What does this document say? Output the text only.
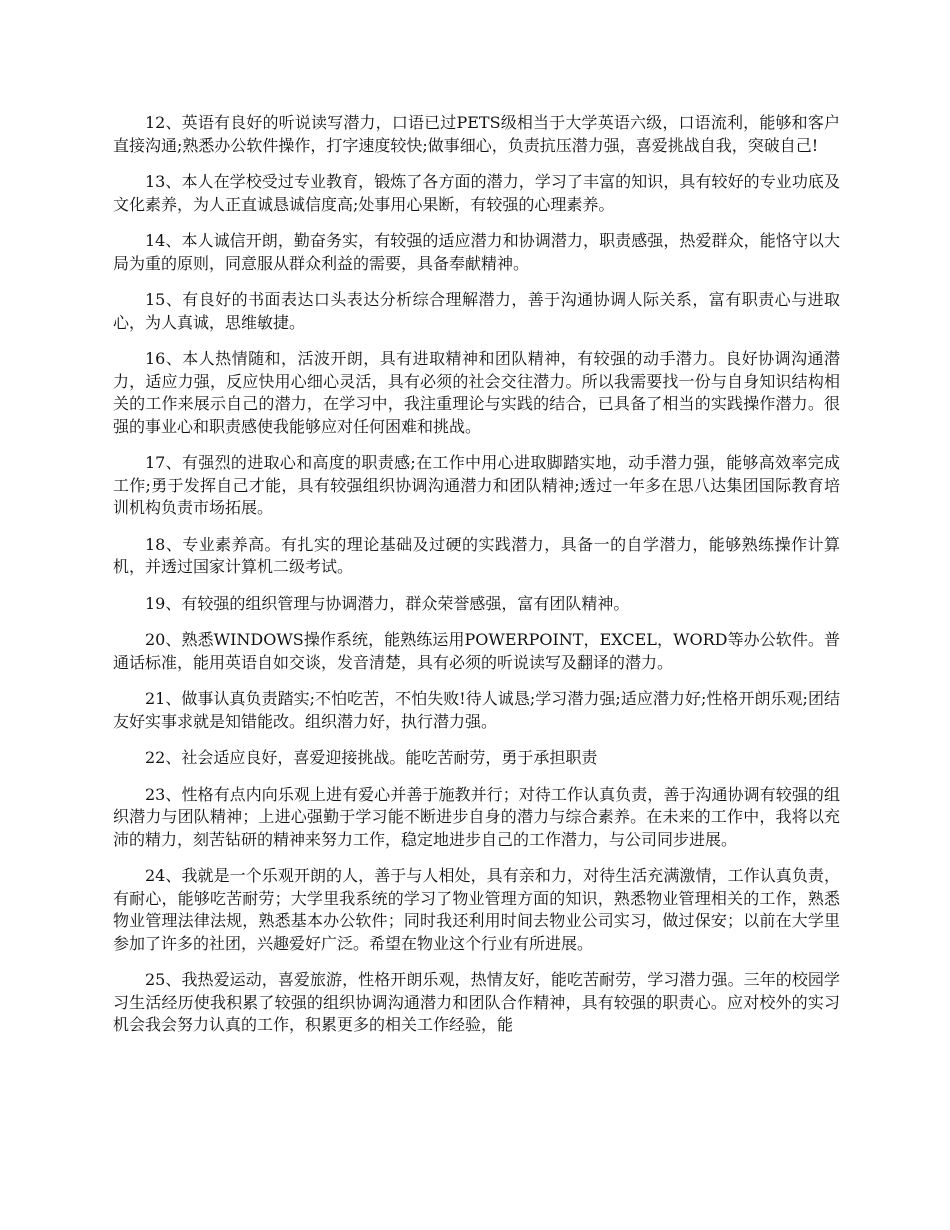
12、英语有良好的听说读写潜力，口语已过PETS级相当于大学英语六级，口语流利，能够和客户直接沟通;熟悉办公软件操作，打字速度较快;做事细心，负责抗压潜力强，喜爱挑战自我，突破自己!

13、本人在学校受过专业教育，锻炼了各方面的潜力，学习了丰富的知识，具有较好的专业功底及文化素养，为人正直诚恳诚信度高;处事用心果断，有较强的心理素养。

14、本人诚信开朗，勤奋务实，有较强的适应潜力和协调潜力，职责感强，热爱群众，能恪守以大局为重的原则，同意服从群众利益的需要，具备奉献精神。

15、有良好的书面表达口头表达分析综合理解潜力，善于沟通协调人际关系，富有职责心与进取心，为人真诚，思维敏捷。

16、本人热情随和，活波开朗，具有进取精神和团队精神，有较强的动手潜力。良好协调沟通潜力，适应力强，反应快用心细心灵活，具有必须的社会交往潜力。所以我需要找一份与自身知识结构相关的工作来展示自己的潜力，在学习中，我注重理论与实践的结合，已具备了相当的实践操作潜力。很强的事业心和职责感使我能够应对任何困难和挑战。

17、有强烈的进取心和高度的职责感;在工作中用心进取脚踏实地，动手潜力强，能够高效率完成工作;勇于发挥自己才能，具有较强组织协调沟通潜力和团队精神;透过一年多在思八达集团国际教育培训机构负责市场拓展。

18、专业素养高。有扎实的理论基础及过硬的实践潜力，具备一的自学潜力，能够熟练操作计算机，并透过国家计算机二级考试。

19、有较强的组织管理与协调潜力，群众荣誉感强，富有团队精神。

20、熟悉WINDOWS操作系统，能熟练运用POWERPOINT，EXCEL，WORD等办公软件。普通话标准，能用英语自如交谈，发音清楚，具有必须的听说读写及翻译的潜力。

21、做事认真负责踏实;不怕吃苦，不怕失败!待人诚恳;学习潜力强;适应潜力好;性格开朗乐观;团结友好实事求就是知错能改。组织潜力好，执行潜力强。

22、社会适应良好，喜爱迎接挑战。能吃苦耐劳，勇于承担职责

23、性格有点内向乐观上进有爱心并善于施教并行；对待工作认真负责，善于沟通协调有较强的组织潜力与团队精神；上进心强勤于学习能不断进步自身的潜力与综合素养。在未来的工作中，我将以充沛的精力，刻苦钻研的精神来努力工作，稳定地进步自己的工作潜力，与公司同步进展。

24、我就是一个乐观开朗的人，善于与人相处，具有亲和力，对待生活充满激情，工作认真负责，有耐心，能够吃苦耐劳；大学里我系统的学习了物业管理方面的知识，熟悉物业管理相关的工作，熟悉物业管理法律法规，熟悉基本办公软件；同时我还利用时间去物业公司实习，做过保安；以前在大学里参加了许多的社团，兴趣爱好广泛。希望在物业这个行业有所进展。

25、我热爱运动，喜爱旅游，性格开朗乐观，热情友好，能吃苦耐劳，学习潜力强。三年的校园学习生活经历使我积累了较强的组织协调沟通潜力和团队合作精神，具有较强的职责心。应对校外的实习机会我会努力认真的工作，积累更多的相关工作经验，能
